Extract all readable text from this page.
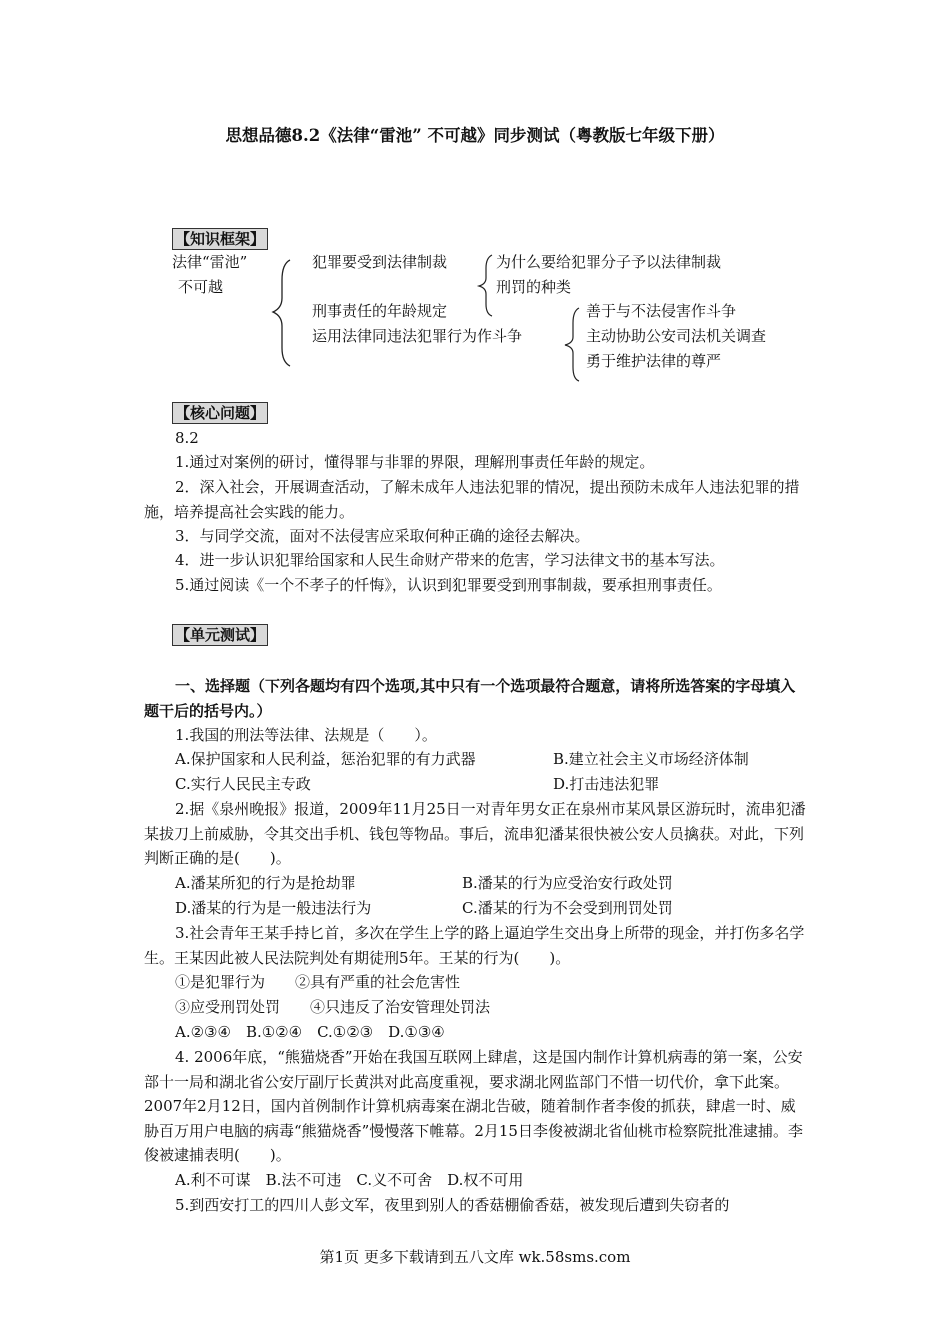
思想品德8.2《法律“雷池” 不可越》同步测试（粤教版七年级下册）
【知识框架】
法律“雷池”
不可越
犯罪要受到法律制裁	为什么要给犯罪分子予以法律制裁
刑罚的种类
刑事责任的年龄规定
运用法律同违法犯罪行为作斗争
善于与不法侵害作斗争
主动协助公安司法机关调查
勇于维护法律的尊严
【核心问题】
8.2
1.通过对案例的研讨，懂得罪与非罪的界限，理解刑事责任年龄的规定。
2．深入社会，开展调查活动，了解未成年人违法犯罪的情况，提出预防未成年人违法犯罪的措施，培养提高社会实践的能力。
3．与同学交流，面对不法侵害应采取何种正确的途径去解决。
4．进一步认识犯罪给国家和人民生命财产带来的危害，学习法律文书的基本写法。
5.通过阅读《一个不孝子的忏悔》，认识到犯罪要受到刑事制裁，要承担刑事责任。
【单元测试】
一、选择题（下列各题均有四个选项,其中只有一个选项最符合题意，请将所选答案的字母填入题干后的括号内。）
1.我国的刑法等法律、法规是（　　）。
A.保护国家和人民利益，惩治犯罪的有力武器	B.建立社会主义市场经济体制
C.实行人民民主专政	D.打击违法犯罪
2.据《泉州晚报》报道，2009年11月25日一对青年男女正在泉州市某风景区游玩时，流串犯潘某拔刀上前威胁，令其交出手机、钱包等物品。事后，流串犯潘某很快被公安人员擒获。对此，下列判断正确的是(　　)。
A.潘某所犯的行为是抢劫罪	B.潘某的行为应受治安行政处罚
D.潘某的行为是一般违法行为	C.潘某的行为不会受到刑罚处罚
3.社会青年王某手持匕首，多次在学生上学的路上逼迫学生交出身上所带的现金，并打伤多名学生。王某因此被人民法院判处有期徒刑5年。王某的行为(　　)。
①是犯罪行为　　②具有严重的社会危害性
③应受刑罚处罚　　④只违反了治安管理处罚法
A.②③④　B.①②④　C.①②③　D.①③④
4. 2006年底，“熊猫烧香”开始在我国互联网上肆虐，这是国内制作计算机病毒的第一案，公安部十一局和湖北省公安厅副厅长黄洪对此高度重视，要求湖北网监部门不惜一切代价，拿下此案。2007年2月12日，国内首例制作计算机病毒案在湖北告破，随着制作者李俊的抓获，肆虐一时、威胁百万用户电脑的病毒“熊猫烧香”慢慢落下帷幕。2月15日李俊被湖北省仙桃市检察院批准逮捕。李俊被逮捕表明(　　)。
A.利不可谋　B.法不可违　C.义不可舍　D.权不可用
5.到西安打工的四川人彭文军，夜里到别人的香菇棚偷香菇，被发现后遭到失窃者的
第1页 更多下载请到五八文库 wk.58sms.com
